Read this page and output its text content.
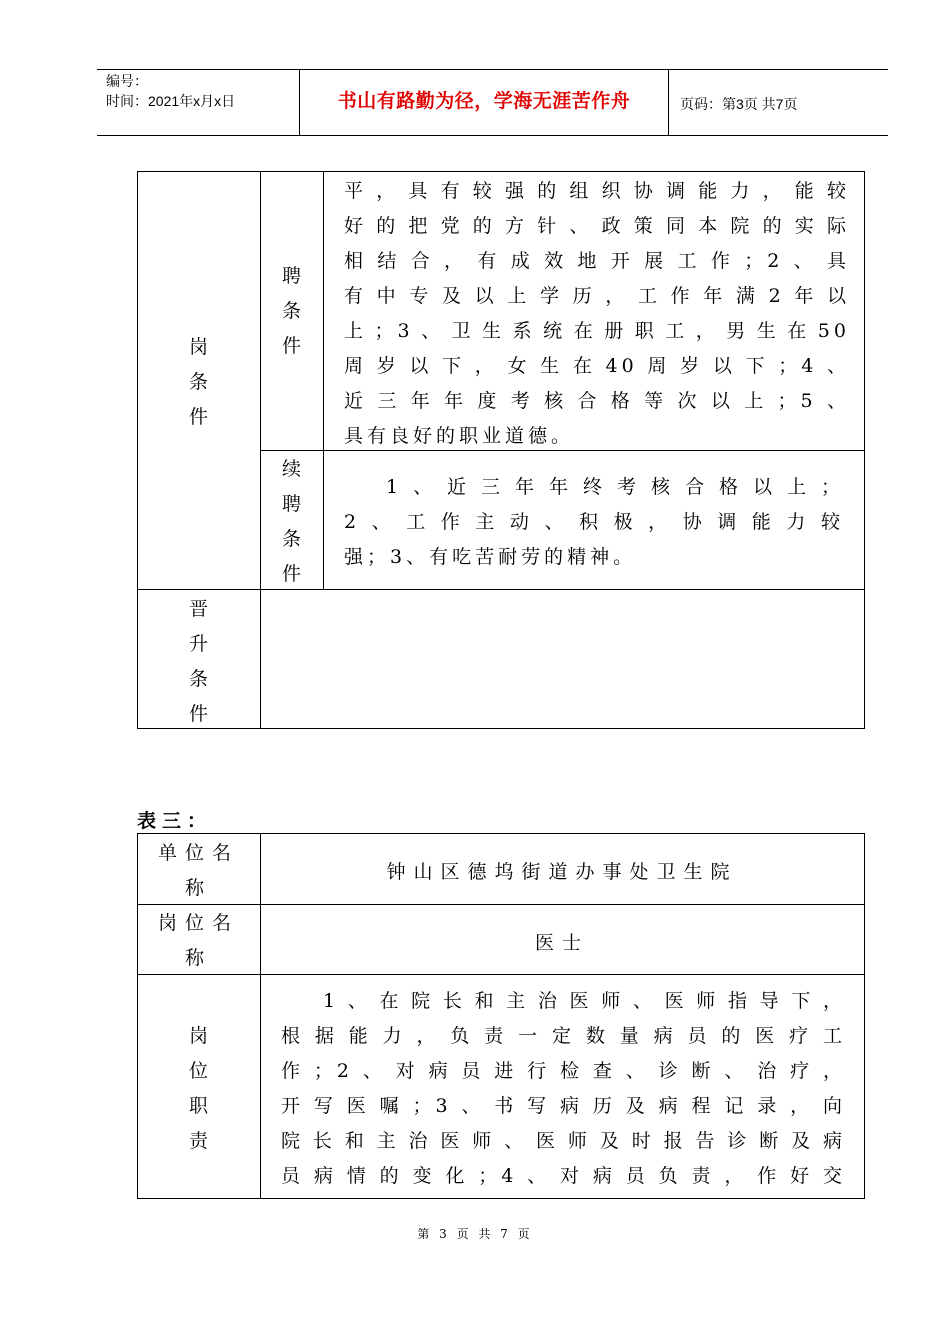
编号：
时间：2021年x月x日	书山有路勤为径，学海无涯苦作舟	页码：第3页 共7页
岗
条
件
聘
条
件
平，具有较强的组织协调能力，能较
好的把党的方针、政策同本院的实际
相结合，有成效地开展工作；2、具
有中专及以上学历，工作年满2年以
上；3、卫生系统在册职工，男生在50
周岁以下，女生在40周岁以下；4、
近三年年度考核合格等次以上；5、
具有良好的职业道德。
续
聘
条
件
1、近三年年终考核合格以上；
2、工作主动、积极，协调能力较
强；3、有吃苦耐劳的精神。
晋
升
条
件
表三：
单位名
称
钟山区德坞街道办事处卫生院
岗位名
称
医士
岗
位
职
责
1、在院长和主治医师、医师指导下，
根据能力，负责一定数量病员的医疗工
作；2、对病员进行检查、诊断、治疗，
开写医嘱；3、书写病历及病程记录，向
院长和主治医师、医师及时报告诊断及病
员病情的变化；4、对病员负责，作好交
第 3 页 共 7 页
